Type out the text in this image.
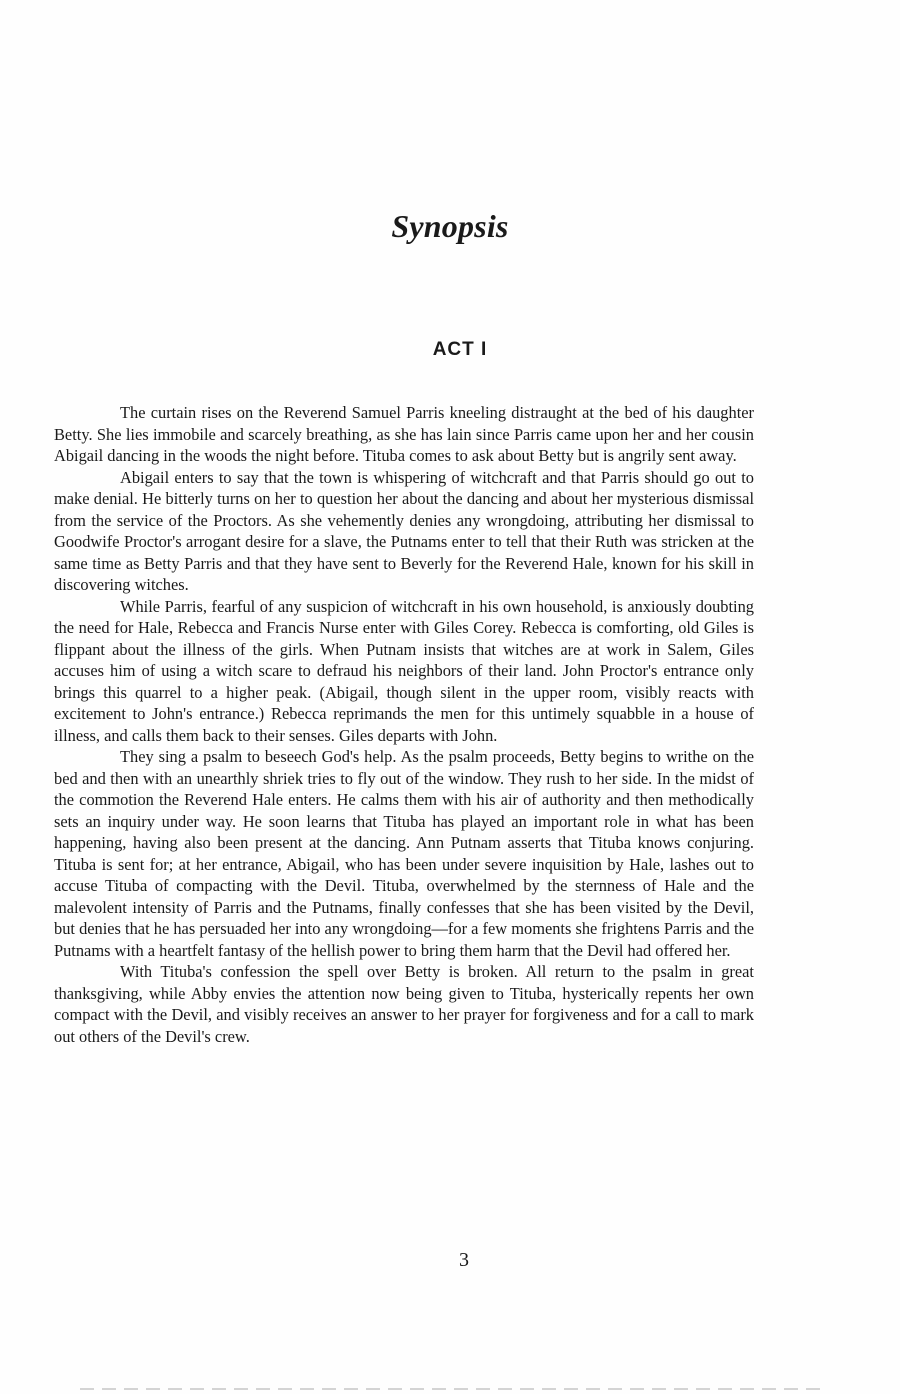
Synopsis
ACT I

The curtain rises on the Reverend Samuel Parris kneeling distraught at the bed of his daughter Betty. She lies immobile and scarcely breathing, as she has lain since Parris came upon her and her cousin Abigail dancing in the woods the night before. Tituba comes to ask about Betty but is angrily sent away.

Abigail enters to say that the town is whispering of witchcraft and that Parris should go out to make denial. He bitterly turns on her to question her about the dancing and about her mysterious dismissal from the service of the Proctors. As she vehemently denies any wrongdoing, attributing her dismissal to Goodwife Proctor's arrogant desire for a slave, the Putnams enter to tell that their Ruth was stricken at the same time as Betty Parris and that they have sent to Beverly for the Reverend Hale, known for his skill in discovering witches.

While Parris, fearful of any suspicion of witchcraft in his own household, is anxiously doubting the need for Hale, Rebecca and Francis Nurse enter with Giles Corey. Rebecca is comforting, old Giles is flippant about the illness of the girls. When Putnam insists that witches are at work in Salem, Giles accuses him of using a witch scare to defraud his neighbors of their land. John Proctor's entrance only brings this quarrel to a higher peak. (Abigail, though silent in the upper room, visibly reacts with excitement to John's entrance.) Rebecca reprimands the men for this untimely squabble in a house of illness, and calls them back to their senses. Giles departs with John.

They sing a psalm to beseech God's help. As the psalm proceeds, Betty begins to writhe on the bed and then with an unearthly shriek tries to fly out of the window. They rush to her side. In the midst of the commotion the Reverend Hale enters. He calms them with his air of authority and then methodically sets an inquiry under way. He soon learns that Tituba has played an important role in what has been happening, having also been present at the dancing. Ann Putnam asserts that Tituba knows conjuring. Tituba is sent for; at her entrance, Abigail, who has been under severe inquisition by Hale, lashes out to accuse Tituba of compacting with the Devil. Tituba, overwhelmed by the sternness of Hale and the malevolent intensity of Parris and the Putnams, finally confesses that she has been visited by the Devil, but denies that he has persuaded her into any wrongdoing—for a few moments she frightens Parris and the Putnams with a heartfelt fantasy of the hellish power to bring them harm that the Devil had offered her.

With Tituba's confession the spell over Betty is broken. All return to the psalm in great thanksgiving, while Abby envies the attention now being given to Tituba, hysterically repents her own compact with the Devil, and visibly receives an answer to her prayer for forgiveness and for a call to mark out others of the Devil's crew.

3
